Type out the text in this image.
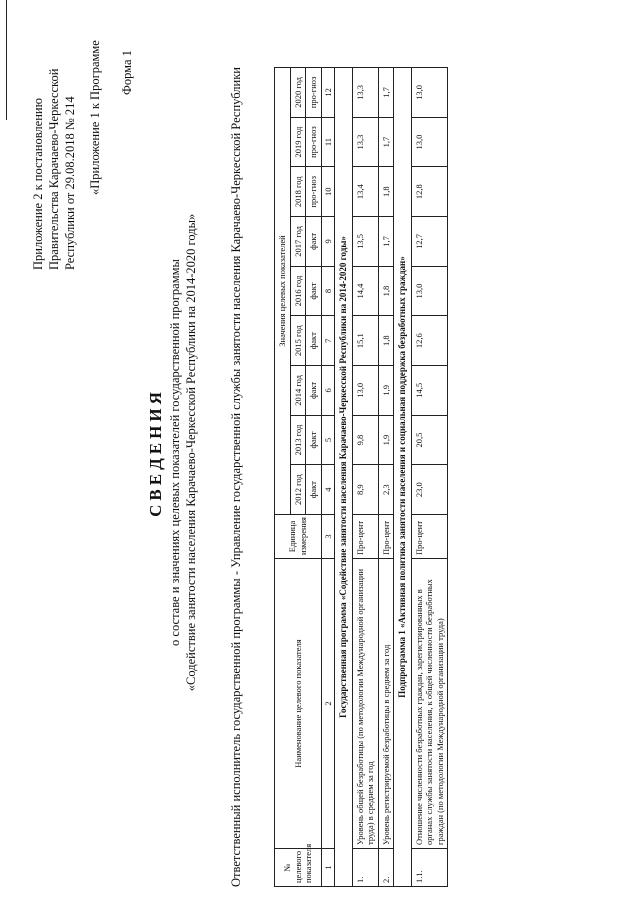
Приложение 2 к постановлению Правительства Карачаево-Черкесской Республики от 29.08.2018 № 214 «Приложение 1 к Программе Форма 1
СВЕДЕНИЯ о составе и значениях целевых показателей государственной программы «Содействие занятости населения Карачаево-Черкесской Республики на 2014-2020 годы» Ответственный исполнитель государственной программы - Управление государственной службы занятости населения Карачаево-Черкесской Республики	№ целевого показателя	Наименование целевого показателя	Единица измерения	Значения целевых показателей								
			2012 год	2013 год	2014 год	2015 год	2016 год	2017 год	2018 год	2019 год	2020 год
			факт	факт	факт	факт	факт	факт	про-гноз	про-гноз	про-гноз
1	2	3	4	5	6	7	8	9	10	11	12
Государственная программа «Содействие занятости населения Карачаево-Черкесской Республики на 2014-2020 годы»											
1.	Уровень общей безработицы (по методологии Международной организации труда) в среднем за год	Про-цент	8,9	9,8	13,0	15,1	14,4	13,5	13,4	13,3	13,3
2.	Уровень регистрируемой безработицы в среднем за год	Про-цент	2,3	1,9	1,9	1,8	1,8	1,7	1,8	1,7	1,7
Подпрограмма 1 «Активная политика занятости населения и социальная поддержка безработных граждан»											
1.1.	Отношение численности безработных граждан, зарегистрированных в органах службы занятости населения, к общей численности безработных граждан (по методологии Международной организации труда)	Про-цент	23,0	20,5	14,5	12,6	13,0	12,7	12,8	13,0	13,0
